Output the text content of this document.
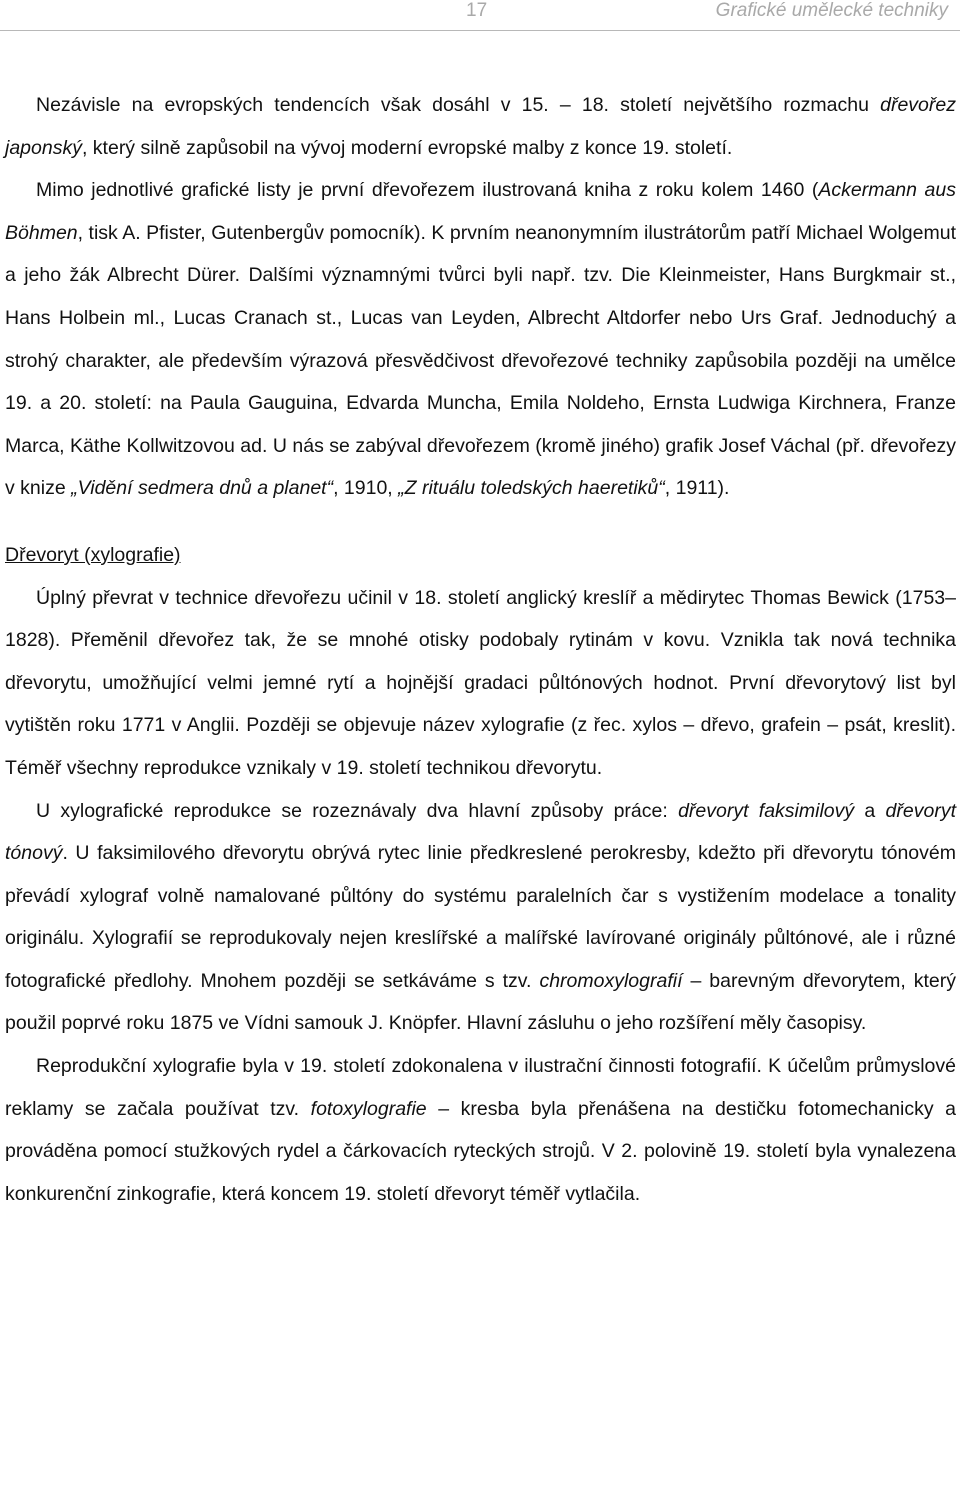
17	Grafické umělecké techniky

Nezávisle na evropských tendencích však dosáhl v 15. – 18. století největšího rozmachu dřevořez japonský, který silně zapůsobil na vývoj moderní evropské malby z konce 19. století.

Mimo jednotlivé grafické listy je první dřevořezem ilustrovaná kniha z roku kolem 1460 (Ackermann aus Böhmen, tisk A. Pfister, Gutenbergův pomocník). K prvním neanonymním ilustrátorům patří Michael Wolgemut a jeho žák Albrecht Dürer. Dalšími významnými tvůrci byli např. tzv. Die Kleinmeister, Hans Burgkmair st., Hans Holbein ml., Lucas Cranach st., Lucas van Leyden, Albrecht Altdorfer nebo Urs Graf. Jednoduchý a strohý charakter, ale především výrazová přesvědčivost dřevořezové techniky zapůsobila později na umělce 19. a 20. století: na Paula Gauguina, Edvarda Muncha, Emila Noldeho, Ernsta Ludwiga Kirchnera, Franze Marca, Käthe Kollwitzovou ad. U nás se zabýval dřevořezem (kromě jiného) grafik Josef Váchal (př. dřevořezy v knize „Vidění sedmera dnů a planet“, 1910, „Z rituálu toledských haeretiků“, 1911).

Dřevoryt (xylografie)

Úplný převrat v technice dřevořezu učinil v 18. století anglický kreslíř a mědirytec Thomas Bewick (1753–1828). Přeměnil dřevořez tak, že se mnohé otisky podobaly rytinám v kovu. Vznikla tak nová technika dřevorytu, umožňující velmi jemné rytí a hojnější gradaci půltónových hodnot. První dřevorytový list byl vytištěn roku 1771 v Anglii. Později se objevuje název xylografie (z řec. xylos – dřevo, grafein – psát, kreslit). Téměř všechny reprodukce vznikaly v 19. století technikou dřevorytu.

U xylografické reprodukce se rozeznávaly dva hlavní způsoby práce: dřevoryt faksimilový a dřevoryt tónový. U faksimilového dřevorytu obrývá rytec linie předkreslené perokresby, kdežto při dřevorytu tónovém převádí xylograf volně namalované půltóny do systému paralelních čar s vystižením modelace a tonality originálu. Xylografií se reprodukovaly nejen kreslířské a malířské lavírované originály půltónové, ale i různé fotografické předlohy. Mnohem později se setkáváme s tzv. chromoxylografií – barevným dřevorytem, který použil poprvé roku 1875 ve Vídni samouk J. Knöpfer. Hlavní zásluhu o jeho rozšíření měly časopisy.

Reprodukční xylografie byla v 19. století zdokonalena v ilustrační činnosti fotografií. K účelům průmyslové reklamy se začala používat tzv. fotoxylografie – kresba byla přenášena na destičku fotomechanicky a prováděna pomocí stužkových rydel a čárkovacích ryteckých strojů. V 2. polovině 19. století byla vynalezena konkurenční zinkografie, která koncem 19. století dřevoryt téměř vytlačila.
